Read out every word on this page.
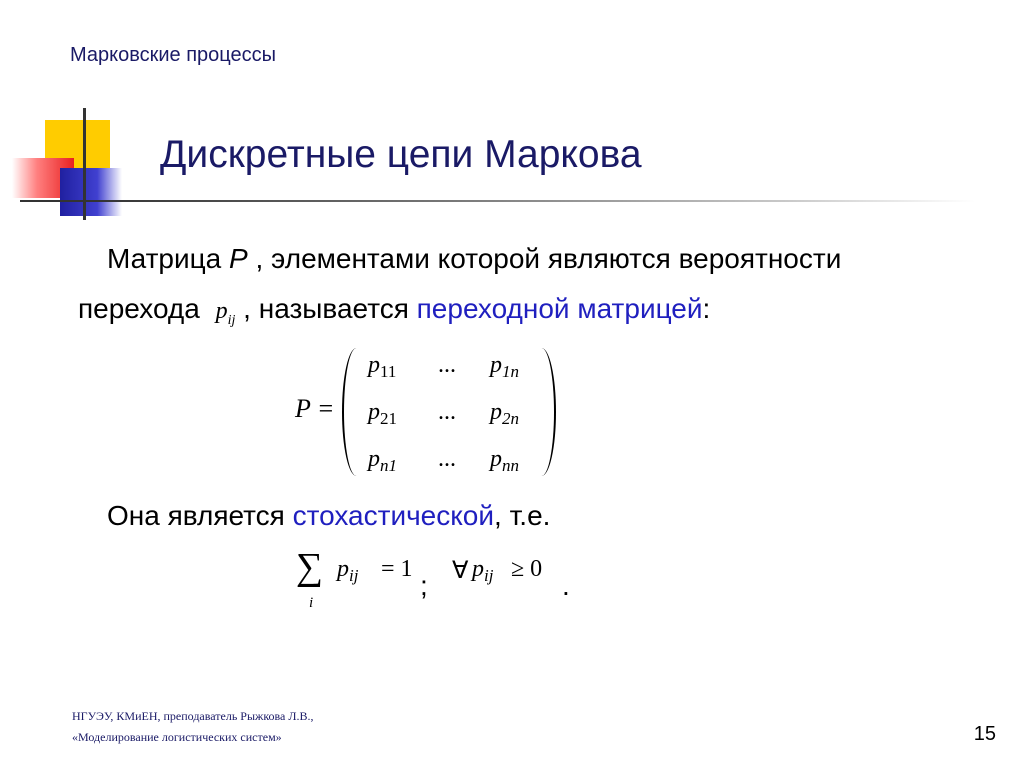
Марковские процессы
Дискретные цепи Маркова
Матрица P , элементами которой являются вероятности
перехода $p_{ij}$ , называется переходной матрицей:
P =
$p_{11}$ ... $p_{1n}$
$p_{21}$ ... $p_{2n}$
$p_{n1}$ ... $p_{nn}$
Она является стохастической, т.е.
∑
i
$p_{ij} = 1$
; ∀ $p_{ij} \ge 0$
.
НГУЭУ, КМиЕН, преподаватель Рыжкова Л.В.,
«Моделирование логистических систем»	15
